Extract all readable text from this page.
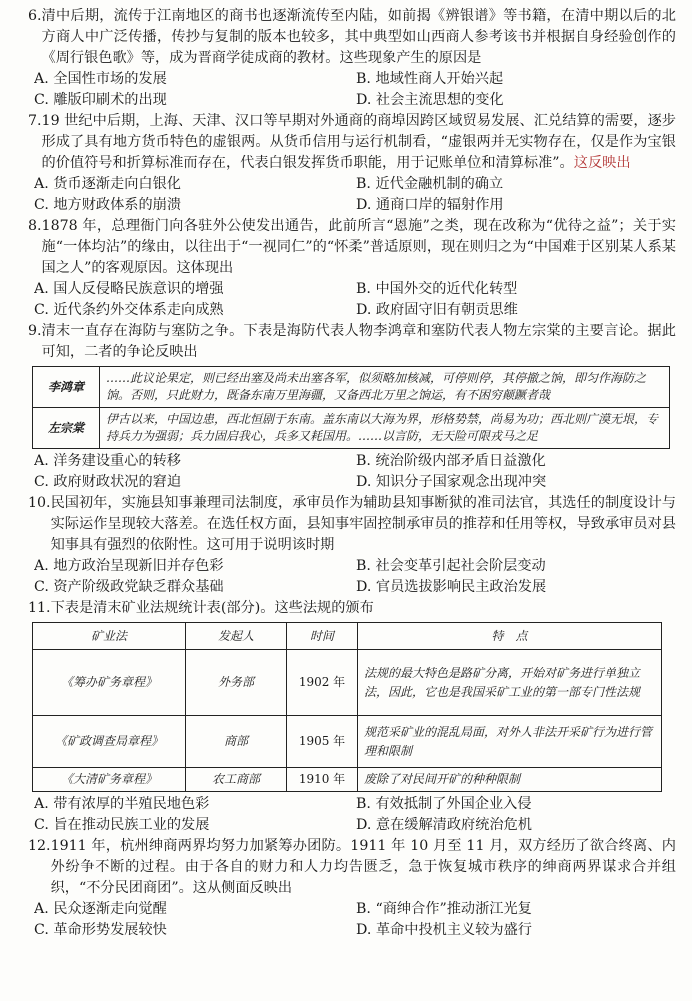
6. 清中后期，流传于江南地区的商书也逐渐流传至内陆，如前揭《辨银谱》等书籍，在清中期以后的北方商人中广泛传播，传抄与复制的版本也较多，其中典型如山西商人参考该书并根据自身经验创作的《周行银色歌》等，成为晋商学徒成商的教材。这些现象产生的原因是
A. 全国性市场的发展	B. 地域性商人开始兴起
C. 雕版印刷术的出现	D. 社会主流思想的变化
7. 19 世纪中后期，上海、天津、汉口等早期对外通商的商埠因跨区域贸易发展、汇兑结算的需要，逐步形成了具有地方货币特色的虚银两。从货币信用与运行机制看，“虚银两并无实物存在，仅是作为宝银的价值符号和折算标准而存在，代表白银发挥货币职能，用于记账单位和清算标准”。这反映出
A. 货币逐渐走向白银化	B. 近代金融机制的确立
C. 地方财政体系的崩溃	D. 通商口岸的辐射作用
8. 1878 年，总理衙门向各驻外公使发出通告，此前所言“恩施”之类，现在改称为“优待之益”；关于实施“一体均沾”的缘由，以往出于“一视同仁”的“怀柔”普适原则，现在则归之为“中国难于区别某人系某国之人”的客观原因。这体现出
A. 国人反侵略民族意识的增强	B. 中国外交的近代化转型
C. 近代条约外交体系走向成熟	D. 政府固守旧有朝贡思维
9. 清末一直存在海防与塞防之争。下表是海防代表人物李鸿章和塞防代表人物左宗棠的主要言论。据此可知，二者的争论反映出
李鸿章	……此议论果定，则已经出塞及尚未出塞各军，似须略加核减，可停则停，其停撤之饷，即匀作海防之饷。否则，只此财力，既备东南万里海疆，又备西北万里之饷运，有不困穷颠蹶者哉
左宗棠	伊古以来，中国边患，西北恒剧于东南。盖东南以大海为界，形格势禁，尚易为功；西北则广漠无垠，专持兵力为强弱；兵力固启我心，兵多又耗国用。……以言防，无天险可限戎马之足
A. 洋务建设重心的转移	B. 统治阶级内部矛盾日益激化
C. 政府财政状况的窘迫	D. 知识分子国家观念出现冲突
10. 民国初年，实施县知事兼理司法制度，承审员作为辅助县知事断狱的准司法官，其选任的制度设计与实际运作呈现较大落差。在选任权方面，县知事牢固控制承审员的推荐和任用等权，导致承审员对县知事具有强烈的依附性。这可用于说明该时期
A. 地方政治呈现新旧并存色彩	B. 社会变革引起社会阶层变动
C. 资产阶级政党缺乏群众基础	D. 官员选拔影响民主政治发展
11. 下表是清末矿业法规统计表(部分)。这些法规的颁布
矿业法	发起人	时间	特　点
《筹办矿务章程》	外务部	1902 年	法规的最大特色是路矿分离，开始对矿务进行单独立法，因此，它也是我国采矿工业的第一部专门性法规
《矿政调查局章程》	商部	1905 年	规范采矿业的混乱局面，对外人非法开采矿行为进行管理和限制
《大清矿务章程》	农工商部	1910 年	废除了对民间开矿的种种限制
A. 带有浓厚的半殖民地色彩	B. 有效抵制了外国企业入侵
C. 旨在推动民族工业的发展	D. 意在缓解清政府统治危机
12. 1911 年，杭州绅商两界均努力加紧筹办团防。1911 年 10 月至 11 月，双方经历了欲合终离、内外纷争不断的过程。由于各自的财力和人力均告匮乏，急于恢复城市秩序的绅商两界谋求合并组织，“不分民团商团”。这从侧面反映出
A. 民众逐渐走向觉醒	B. “商绅合作”推动浙江光复
C. 革命形势发展较快	D. 革命中投机主义较为盛行
